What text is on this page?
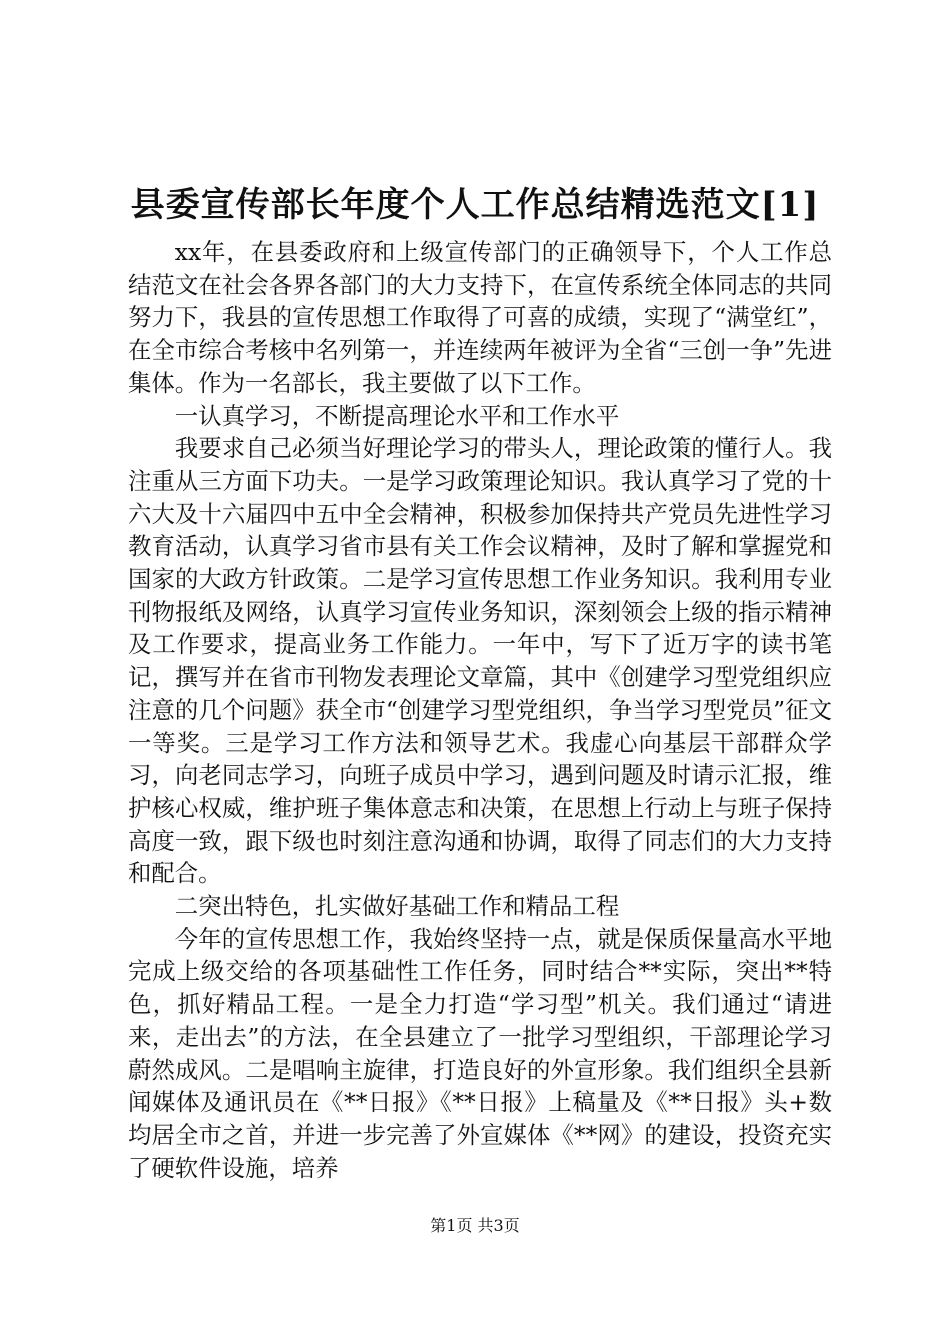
县委宣传部长年度个人工作总结精选范文[1]

xx年，在县委政府和上级宣传部门的正确领导下，个人工作总结范文在社会各界各部门的大力支持下，在宣传系统全体同志的共同努力下，我县的宣传思想工作取得了可喜的成绩，实现了“满堂红”，在全市综合考核中名列第一，并连续两年被评为全省“三创一争”先进集体。作为一名部长，我主要做了以下工作。

一认真学习，不断提高理论水平和工作水平

我要求自己必须当好理论学习的带头人，理论政策的懂行人。我注重从三方面下功夫。一是学习政策理论知识。我认真学习了党的十六大及十六届四中五中全会精神，积极参加保持共产党员先进性学习教育活动，认真学习省市县有关工作会议精神，及时了解和掌握党和国家的大政方针政策。二是学习宣传思想工作业务知识。我利用专业刊物报纸及网络，认真学习宣传业务知识，深刻领会上级的指示精神及工作要求，提高业务工作能力。一年中，写下了近万字的读书笔记，撰写并在省市刊物发表理论文章篇，其中《创建学习型党组织应注意的几个问题》获全市“创建学习型党组织，争当学习型党员”征文一等奖。三是学习工作方法和领导艺术。我虚心向基层干部群众学习，向老同志学习，向班子成员中学习，遇到问题及时请示汇报，维护核心权威，维护班子集体意志和决策，在思想上行动上与班子保持高度一致，跟下级也时刻注意沟通和协调，取得了同志们的大力支持和配合。

二突出特色，扎实做好基础工作和精品工程

今年的宣传思想工作，我始终坚持一点，就是保质保量高水平地完成上级交给的各项基础性工作任务，同时结合**实际，突出**特色，抓好精品工程。一是全力打造“学习型”机关。我们通过“请进来，走出去”的方法，在全县建立了一批学习型组织，干部理论学习蔚然成风。二是唱响主旋律，打造良好的外宣形象。我们组织全县新闻媒体及通讯员在《**日报》《**日报》上稿量及《**日报》头+数均居全市之首，并进一步完善了外宣媒体《**网》的建设，投资充实了硬软件设施，培养

第1页 共3页
